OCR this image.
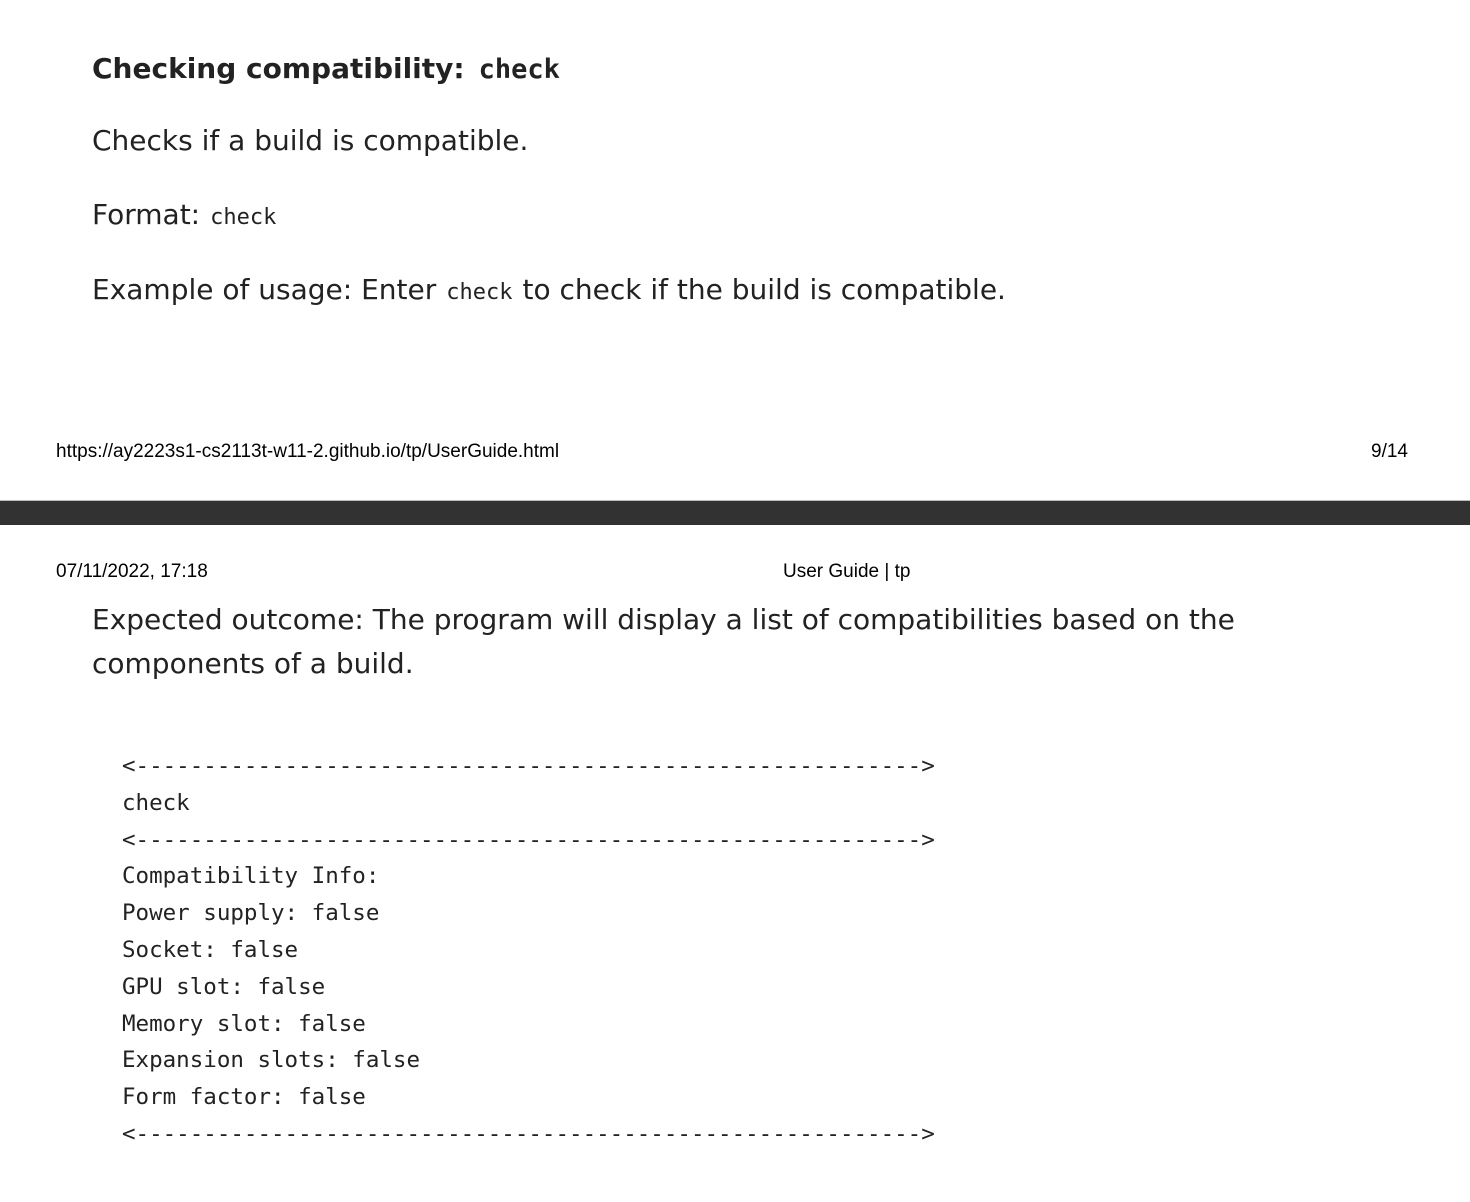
Checking compatibility: check
Checks if a build is compatible.
Format: check
Example of usage: Enter check to check if the build is compatible.
https://ay2223s1-cs2113t-w11-2.github.io/tp/UserGuide.html	9/14
07/11/2022, 17:18	User Guide | tp
Expected outcome: The program will display a list of compatibilities based on the components of a build.
<---------------------------------------------------------->
check
<---------------------------------------------------------->
Compatibility Info:
Power supply: false
Socket: false
GPU slot: false
Memory slot: false
Expansion slots: false
Form factor: false
<---------------------------------------------------------->
